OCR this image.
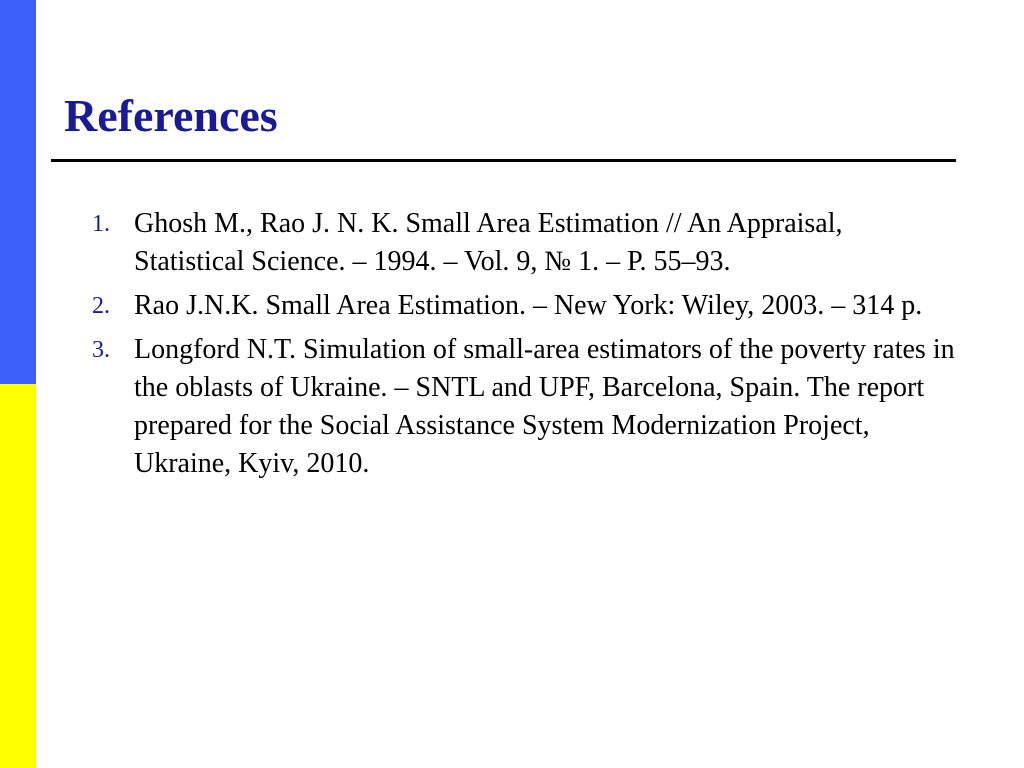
References
1. Ghosh M., Rao J. N. K. Small Area Estimation // An Appraisal, Statistical Science. – 1994. – Vol. 9, № 1. – P. 55–93.
2. Rao J.N.K. Small Area Estimation. – New York: Wiley, 2003. – 314 p.
3. Longford N.T. Simulation of small-area estimators of the poverty rates in the oblasts of Ukraine. – SNTL and UPF, Barcelona, Spain. The report prepared for the Social Assistance System Modernization Project, Ukraine, Kyiv, 2010.
